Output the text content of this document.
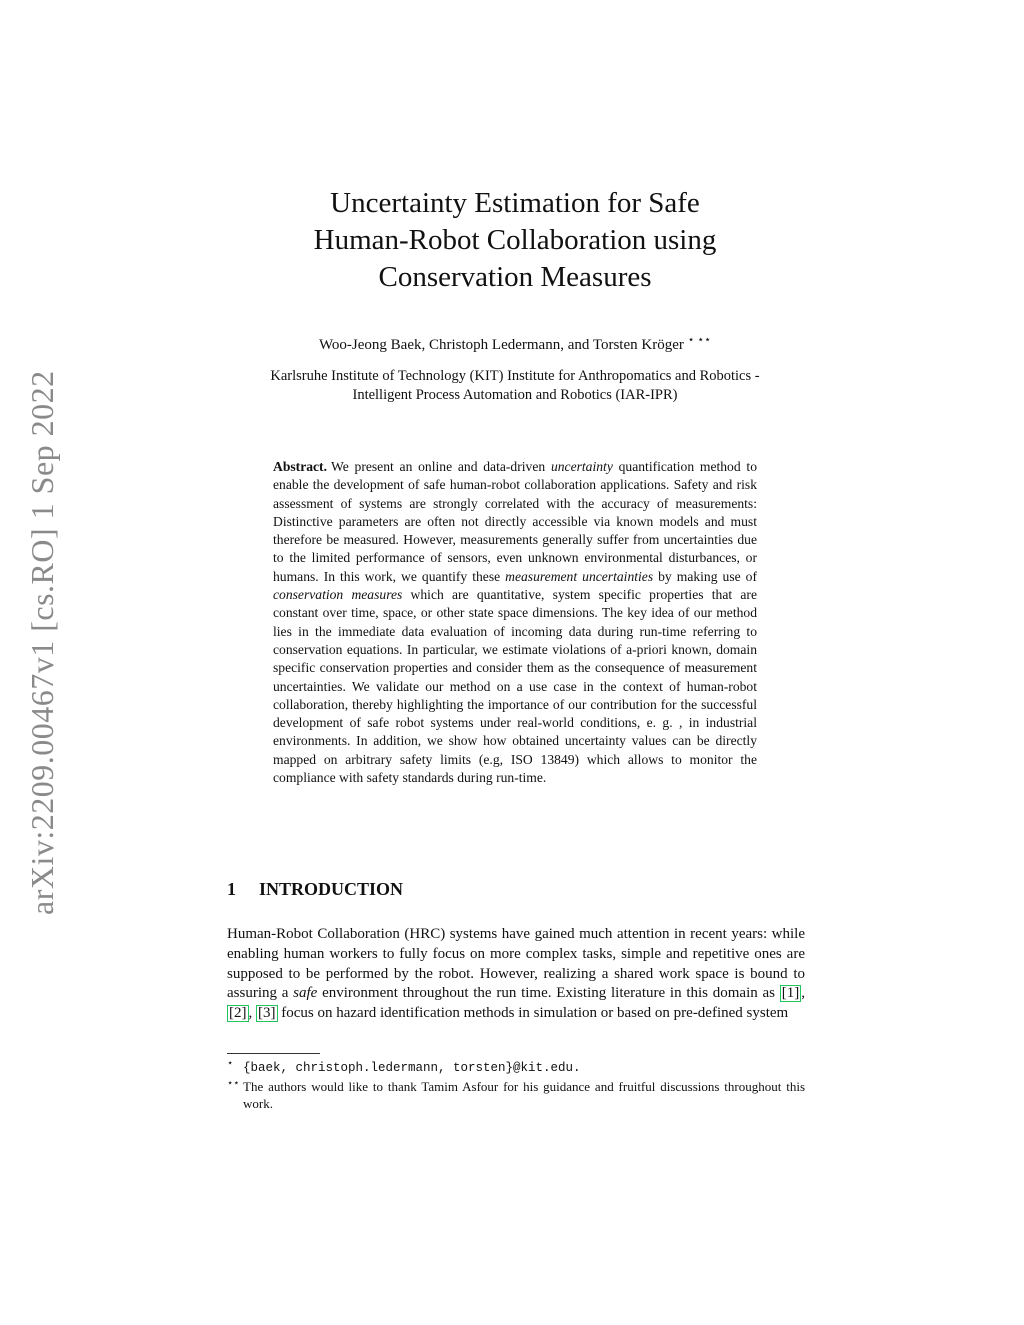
arXiv:2209.00467v1 [cs.RO] 1 Sep 2022
Uncertainty Estimation for Safe
Human-Robot Collaboration using
Conservation Measures
Woo-Jeong Baek, Christoph Ledermann, and Torsten Kröger ⋆ ⋆⋆
Karlsruhe Institute of Technology (KIT) Institute for Anthropomatics and Robotics -
Intelligent Process Automation and Robotics (IAR-IPR)
Abstract. We present an online and data-driven uncertainty quantification method to enable the development of safe human-robot collaboration applications. Safety and risk assessment of systems are strongly correlated with the accuracy of measurements: Distinctive parameters are often not directly accessible via known models and must therefore be measured. However, measurements generally suffer from uncertainties due to the limited performance of sensors, even unknown environmental disturbances, or humans. In this work, we quantify these measurement uncertainties by making use of conservation measures which are quantitative, system specific properties that are constant over time, space, or other state space dimensions. The key idea of our method lies in the immediate data evaluation of incoming data during run-time referring to conservation equations. In particular, we estimate violations of a-priori known, domain specific conservation properties and consider them as the consequence of measurement uncertainties. We validate our method on a use case in the context of human-robot collaboration, thereby highlighting the importance of our contribution for the successful development of safe robot systems under real-world conditions, e. g. , in industrial environments. In addition, we show how obtained uncertainty values can be directly mapped on arbitrary safety limits (e.g, ISO 13849) which allows to monitor the compliance with safety standards during run-time.
1 INTRODUCTION
Human-Robot Collaboration (HRC) systems have gained much attention in recent years: while enabling human workers to fully focus on more complex tasks, simple and repetitive ones are supposed to be performed by the robot. However, realizing a shared work space is bound to assuring a safe environment throughout the run time. Existing literature in this domain as [1] , [2] , [3] focus on hazard identification methods in simulation or based on pre-defined system
⋆ {baek, christoph.ledermann, torsten}@kit.edu.
⋆⋆ The authors would like to thank Tamim Asfour for his guidance and fruitful discussions throughout this work.
